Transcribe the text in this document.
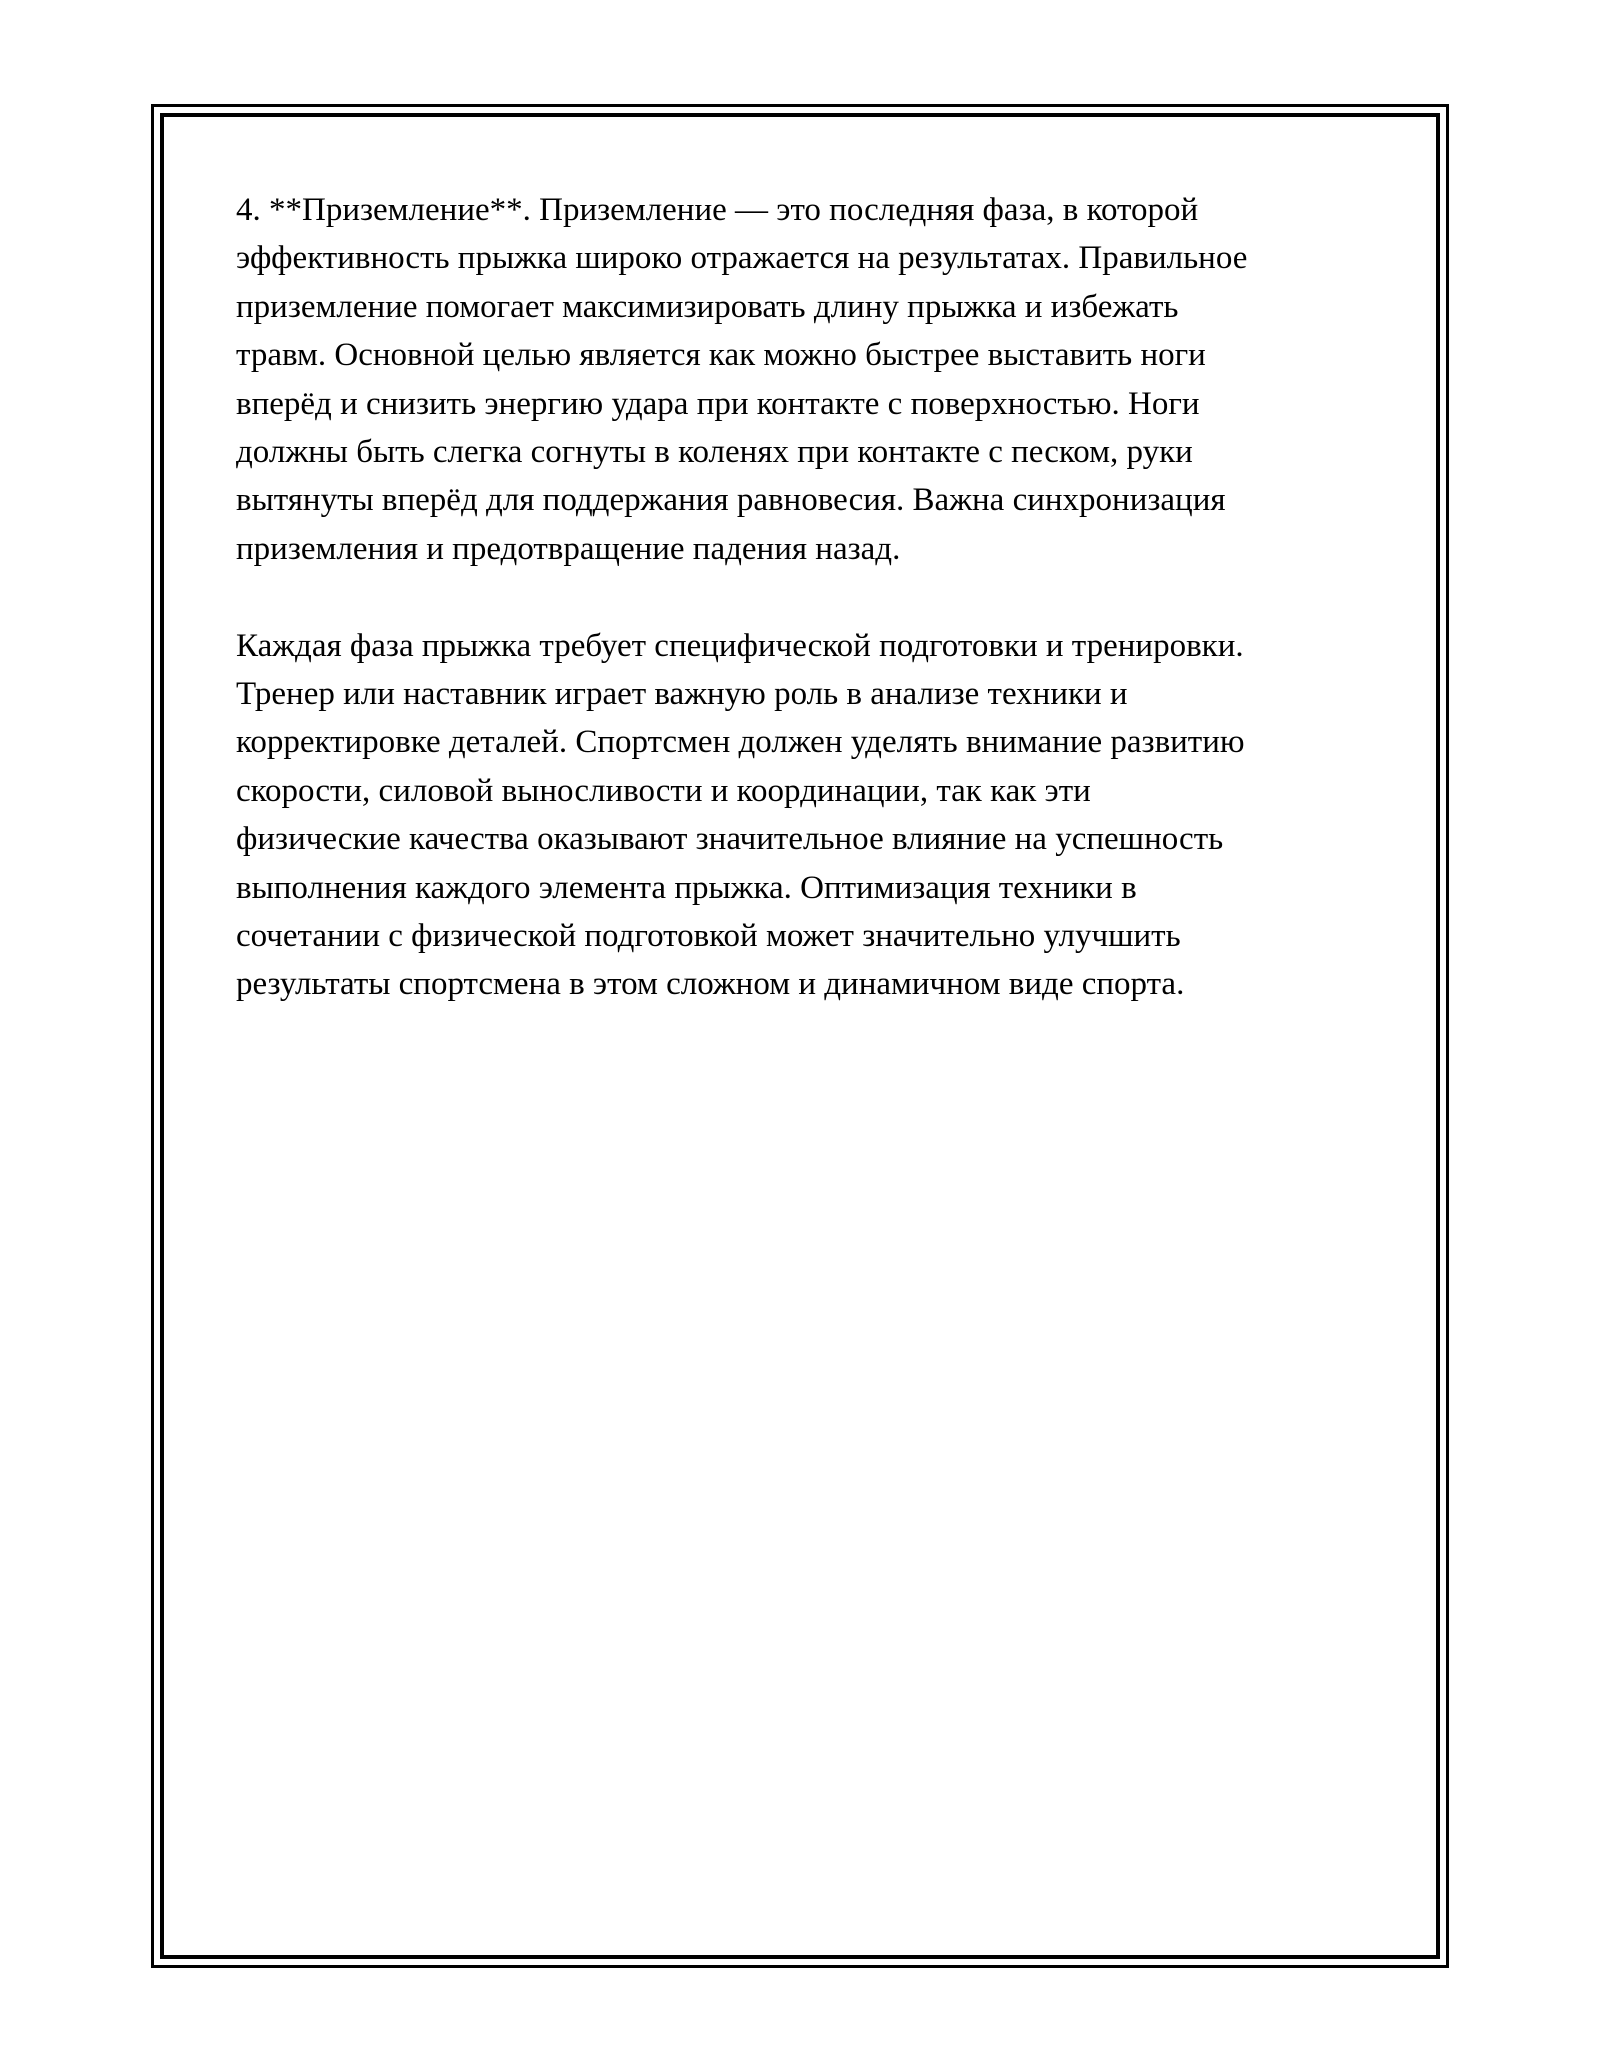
4. **Приземление**. Приземление — это последняя фаза, в которой
эффективность прыжка широко отражается на результатах. Правильное
приземление помогает максимизировать длину прыжка и избежать
травм. Основной целью является как можно быстрее выставить ноги
вперёд и снизить энергию удара при контакте с поверхностью. Ноги
должны быть слегка согнуты в коленях при контакте с песком, руки
вытянуты вперёд для поддержания равновесия. Важна синхронизация
приземления и предотвращение падения назад.

Каждая фаза прыжка требует специфической подготовки и тренировки.
Тренер или наставник играет важную роль в анализе техники и
корректировке деталей. Спортсмен должен уделять внимание развитию
скорости, силовой выносливости и координации, так как эти
физические качества оказывают значительное влияние на успешность
выполнения каждого элемента прыжка. Оптимизация техники в
сочетании с физической подготовкой может значительно улучшить
результаты спортсмена в этом сложном и динамичном виде спорта.
